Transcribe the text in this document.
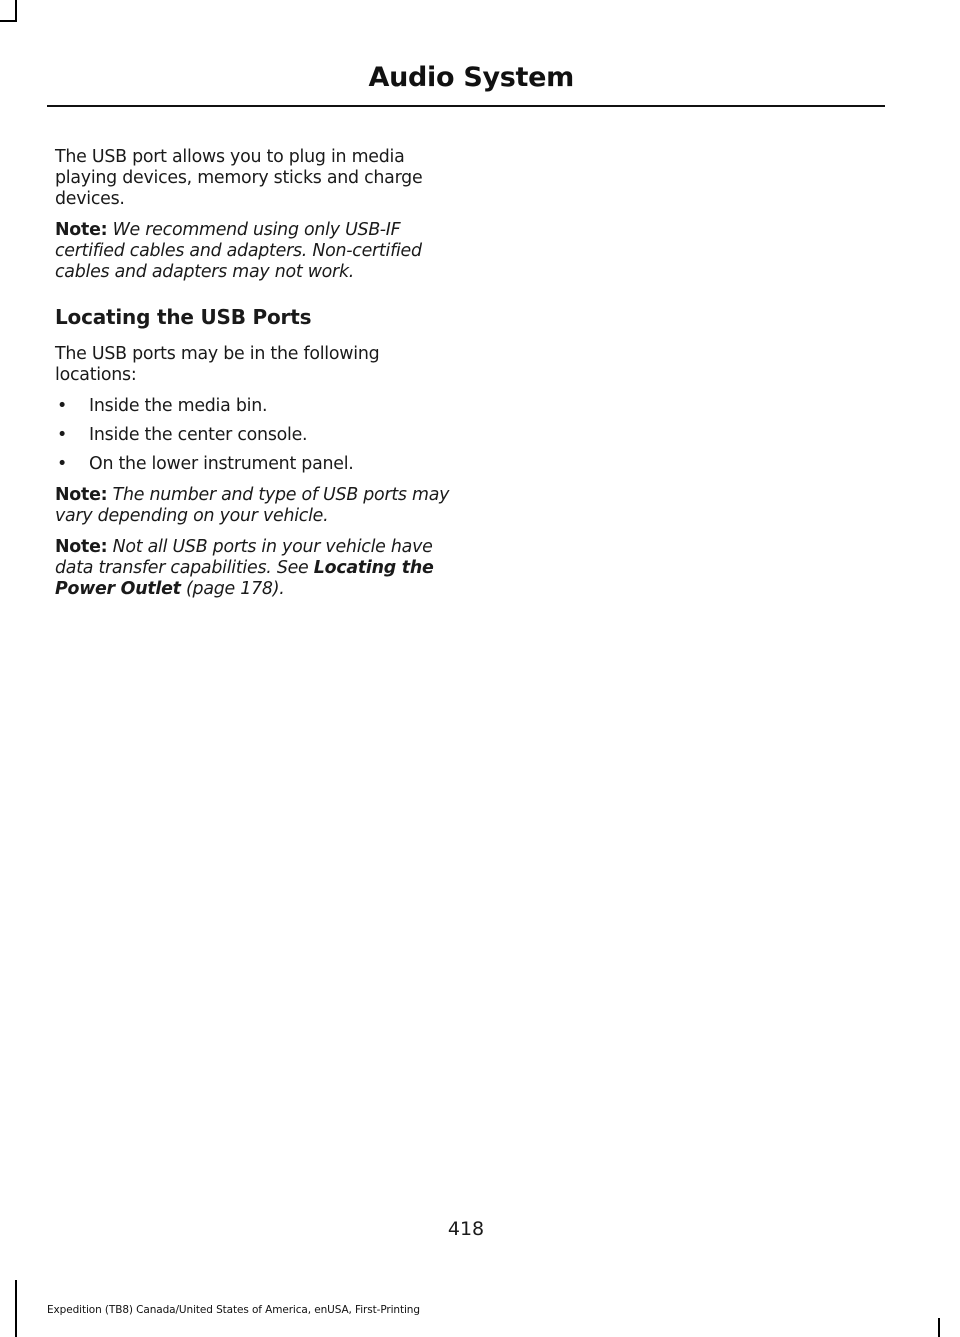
Audio System

The USB port allows you to plug in media playing devices, memory sticks and charge devices.

Note: We recommend using only USB-IF certified cables and adapters. Non-certified cables and adapters may not work.

Locating the USB Ports

The USB ports may be in the following locations:

• Inside the media bin.
• Inside the center console.
• On the lower instrument panel.

Note: The number and type of USB ports may vary depending on your vehicle.

Note: Not all USB ports in your vehicle have data transfer capabilities. See Locating the Power Outlet (page 178).

418
Expedition (TB8) Canada/United States of America, enUSA, First-Printing
